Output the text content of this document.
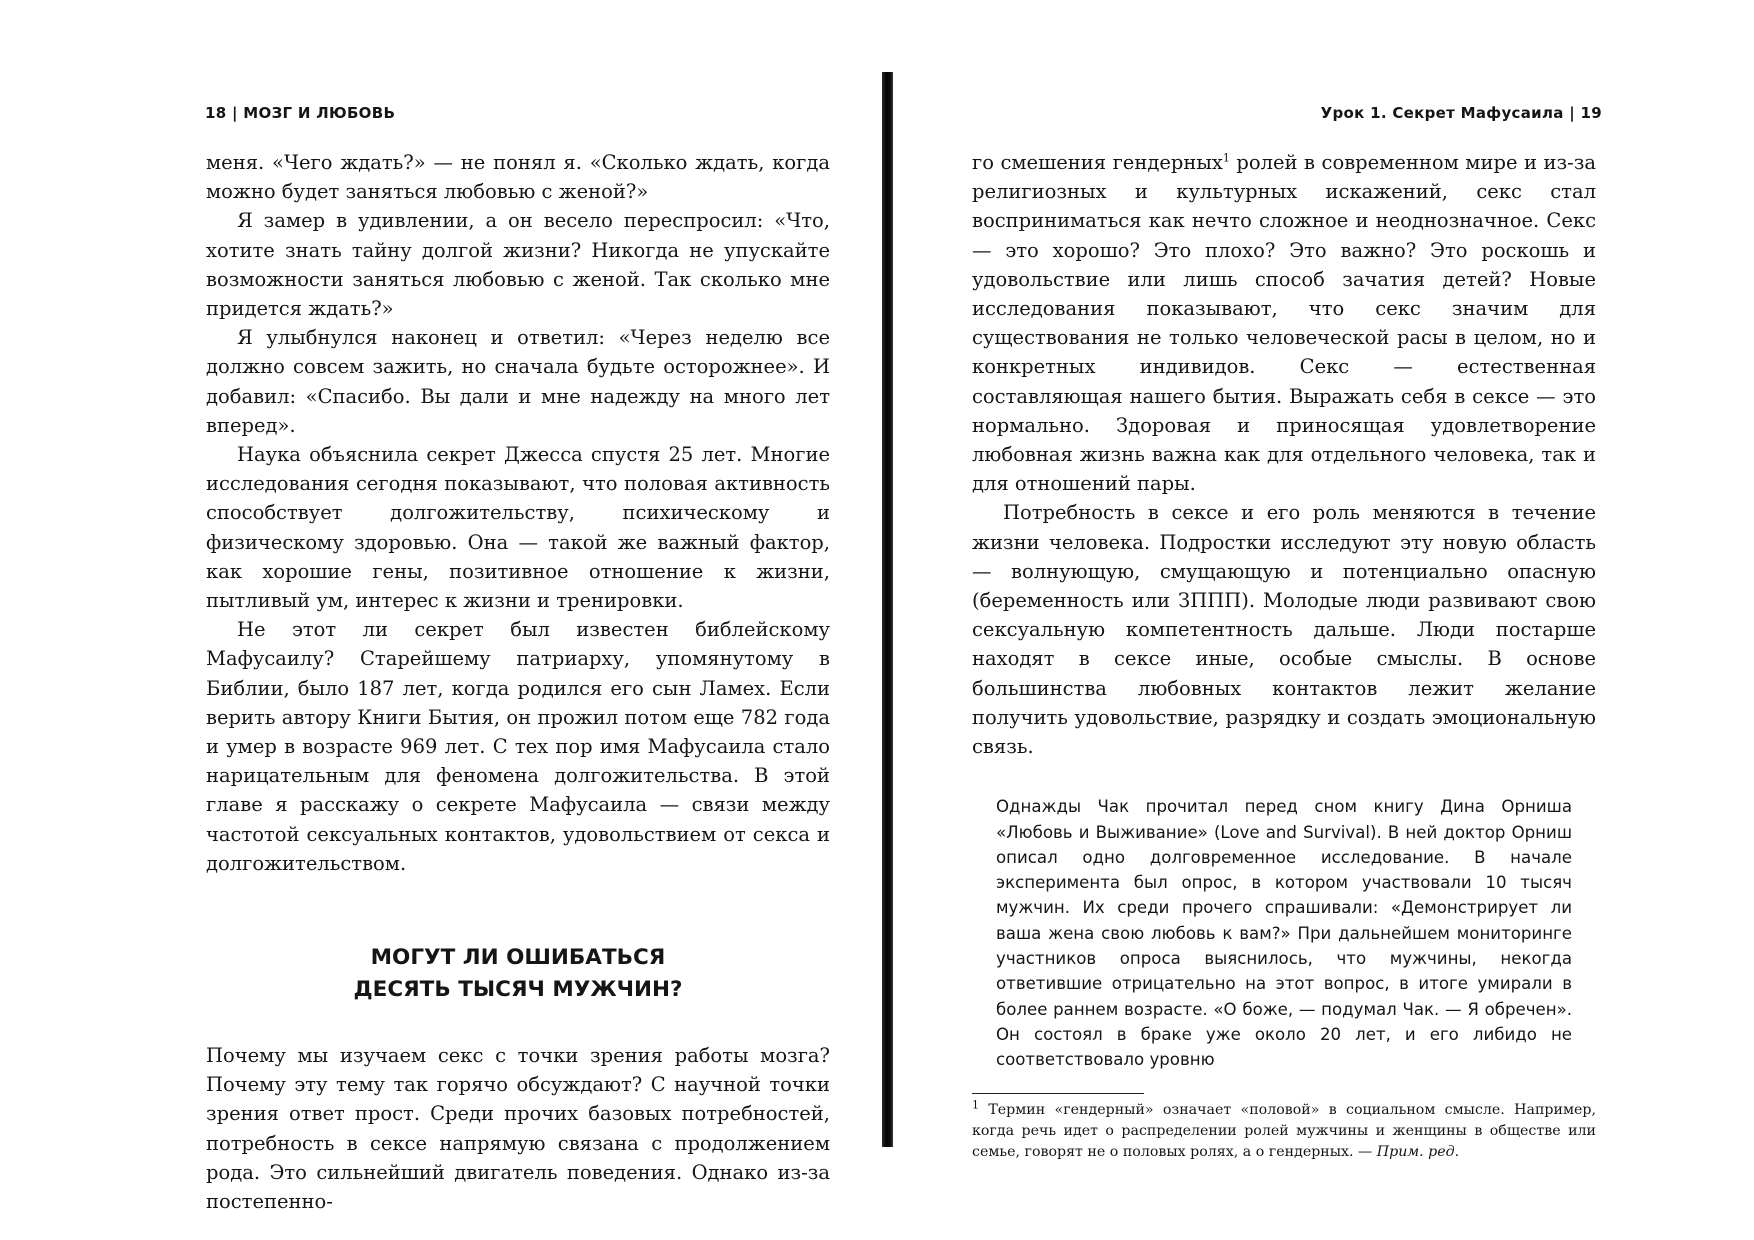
18 | МОЗГ И ЛЮБОВЬ

меня. «Чего ждать?» — не понял я. «Сколько ждать, когда можно будет заняться любовью с женой?»

Я замер в удивлении, а он весело переспросил: «Что, хотите знать тайну долгой жизни? Никогда не упускайте возможности заняться любовью с женой. Так сколько мне придется ждать?»

Я улыбнулся наконец и ответил: «Через неделю все должно совсем зажить, но сначала будьте осторожнее». И добавил: «Спасибо. Вы дали и мне надежду на много лет вперед».

Наука объяснила секрет Джесса спустя 25 лет. Многие исследования сегодня показывают, что половая активность способствует долгожительству, психическому и физическому здоровью. Она — такой же важный фактор, как хорошие гены, позитивное отношение к жизни, пытливый ум, интерес к жизни и тренировки.

Не этот ли секрет был известен библейскому Мафусаилу? Старейшему патриарху, упомянутому в Библии, было 187 лет, когда родился его сын Ламех. Если верить автору Книги Бытия, он прожил потом еще 782 года и умер в возрасте 969 лет. С тех пор имя Мафусаила стало нарицательным для феномена долгожительства. В этой главе я расскажу о секрете Мафусаила — связи между частотой сексуальных контактов, удовольствием от секса и долгожительством.

МОГУТ ЛИ ОШИБАТЬСЯ
ДЕСЯТЬ ТЫСЯЧ МУЖЧИН?

Почему мы изучаем секс с точки зрения работы мозга? Почему эту тему так горячо обсуждают? С научной точки зрения ответ прост. Среди прочих базовых потребностей, потребность в сексе напрямую связана с продолжением рода. Это сильнейший двигатель поведения. Однако из-за постепенно-

Урок 1. Секрет Мафусаила | 19

го смешения гендерных$^1$ ролей в современном мире и из-за религиозных и культурных искажений, секс стал восприниматься как нечто сложное и неоднозначное. Секс — это хорошо? Это плохо? Это важно? Это роскошь и удовольствие или лишь способ зачатия детей? Новые исследования показывают, что секс значим для существования не только человеческой расы в целом, но и конкретных индивидов. Секс — естественная составляющая нашего бытия. Выражать себя в сексе — это нормально. Здоровая и приносящая удовлетворение любовная жизнь важна как для отдельного человека, так и для отношений пары.

Потребность в сексе и его роль меняются в течение жизни человека. Подростки исследуют эту новую область — волнующую, смущающую и потенциально опасную (беременность или ЗППП). Молодые люди развивают свою сексуальную компетентность дальше. Люди постарше находят в сексе иные, особые смыслы. В основе большинства любовных контактов лежит желание получить удовольствие, разрядку и создать эмоциональную связь.

Однажды Чак прочитал перед сном книгу Дина Орниша «Любовь и Выживание» (Love and Survival). В ней доктор Орниш описал одно долговременное исследование. В начале эксперимента был опрос, в котором участвовали 10 тысяч мужчин. Их среди прочего спрашивали: «Демонстрирует ли ваша жена свою любовь к вам?» При дальнейшем мониторинге участников опроса выяснилось, что мужчины, некогда ответившие отрицательно на этот вопрос, в итоге умирали в более раннем возрасте. «О боже, — подумал Чак. — Я обречен». Он состоял в браке уже около 20 лет, и его либидо не соответствовало уровню
$^1$ Термин «гендерный» означает «половой» в социальном смысле. Например, когда речь идет о распределении ролей мужчины и женщины в обществе или семье, говорят не о половых ролях, а о гендерных. — Прим. ред.
